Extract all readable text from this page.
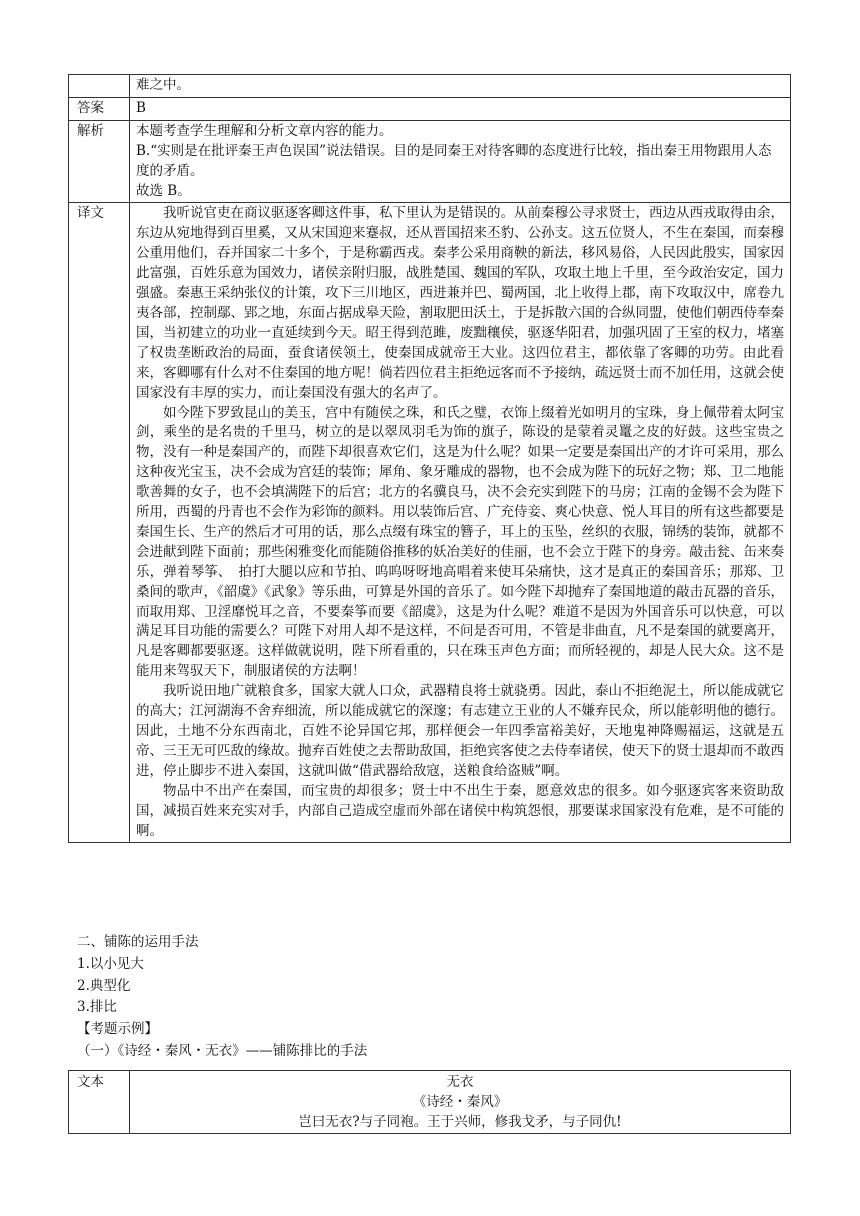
	难之中。
答案	B
解析	本题考查学生理解和分析文章内容的能力。

B.“实则是在批评秦王声色误国”说法错误。目的是同秦王对待客卿的态度进行比较，指出秦王用物跟用人态度的矛盾。

故选 B。

译文	我听说官吏在商议驱逐客卿这件事，私下里认为是错误的。从前秦穆公寻求贤士，西边从西戎取得由余，东边从宛地得到百里奚，又从宋国迎来蹇叔，还从晋国招来丕豹、公孙支。这五位贤人，不生在秦国，而秦穆公重用他们，吞并国家二十多个，于是称霸西戎。秦孝公采用商鞅的新法，移风易俗，人民因此殷实，国家因此富强，百姓乐意为国效力，诸侯亲附归服，战胜楚国、魏国的军队，攻取土地上千里，至今政治安定，国力强盛。秦惠王采纳张仪的计策，攻下三川地区，西进兼并巴、蜀两国，北上收得上郡，南下攻取汉中，席卷九夷各部，控制鄢、郢之地，东面占据成皋天险，割取肥田沃土，于是拆散六国的合纵同盟，使他们朝西侍奉秦国，当初建立的功业一直延续到今天。昭王得到范雎，废黜穰侯，驱逐华阳君，加强巩固了王室的权力，堵塞了权贵垄断政治的局面，蚕食诸侯领土，使秦国成就帝王大业。这四位君主，都依靠了客卿的功劳。由此看来，客卿哪有什么对不住秦国的地方呢！倘若四位君主拒绝远客而不予接纳，疏远贤士而不加任用，这就会使国家没有丰厚的实力，而让秦国没有强大的名声了。

如今陛下罗致昆山的美玉，宫中有随侯之珠，和氏之璧，衣饰上缀着光如明月的宝珠，身上佩带着太阿宝剑，乘坐的是名贵的千里马，树立的是以翠凤羽毛为饰的旗子，陈设的是蒙着灵鼍之皮的好鼓。这些宝贵之物，没有一种是秦国产的，而陛下却很喜欢它们，这是为什么呢？如果一定要是秦国出产的才许可采用，那么这种夜光宝玉，决不会成为宫廷的装饰；犀角、象牙雕成的器物，也不会成为陛下的玩好之物；郑、卫二地能歌善舞的女子，也不会填满陛下的后宫；北方的名骥良马，决不会充实到陛下的马房；江南的金锡不会为陛下所用，西蜀的丹青也不会作为彩饰的颜料。用以装饰后宫、广充侍妾、爽心快意、悦人耳目的所有这些都要是秦国生长、生产的然后才可用的话，那么点缀有珠宝的簪子，耳上的玉坠，丝织的衣服，锦绣的装饰，就都不会进献到陛下面前；那些闲雅变化而能随俗推移的妖冶美好的佳丽，也不会立于陛下的身旁。敲击瓮、缶来奏乐，弹着琴筝、　拍打大腿以应和节拍、呜呜呀呀地高唱着来使耳朵痛快，这才是真正的秦国音乐；那郑、卫桑间的歌声，《韶虞》《武象》等乐曲，可算是外国的音乐了。如今陛下却抛弃了秦国地道的敲击瓦器的音乐，而取用郑、卫淫靡悦耳之音，不要秦筝而要《韶虞》，这是为什么呢？难道不是因为外国音乐可以快意，可以满足耳目功能的需要么？可陛下对用人却不是这样，不问是否可用，不管是非曲直，凡不是秦国的就要离开，凡是客卿都要驱逐。这样做就说明，陛下所看重的，只在珠玉声色方面；而所轻视的，却是人民大众。这不是能用来驾驭天下，制服诸侯的方法啊！

我听说田地广就粮食多，国家大就人口众，武器精良将士就骁勇。因此，泰山不拒绝泥土，所以能成就它的高大；江河湖海不舍弃细流，所以能成就它的深邃；有志建立王业的人不嫌弃民众，所以能彰明他的德行。因此，土地不分东西南北，百姓不论异国它邦，那样便会一年四季富裕美好，天地鬼神降赐福运，这就是五帝、三王无可匹敌的缘故。抛弃百姓使之去帮助敌国，拒绝宾客使之去侍奉诸侯，使天下的贤士退却而不敢西进，停止脚步不进入秦国，这就叫做“借武器给敌寇，送粮食给盗贼”啊。

物品中不出产在秦国，而宝贵的却很多；贤士中不出生于秦，愿意效忠的很多。如今驱逐宾客来资助敌国，减损百姓来充实对手，内部自己造成空虚而外部在诸侯中构筑怨恨，那要谋求国家没有危难，是不可能的啊。

二、铺陈的运用手法
1.以小见大
2.典型化
3.排比
【考题示例】
（一）《诗经・秦风・无衣》——铺陈排比的手法
文本	无衣
《诗经・秦风》
岂曰无衣?与子同袍。王于兴师，修我戈矛，与子同仇!
